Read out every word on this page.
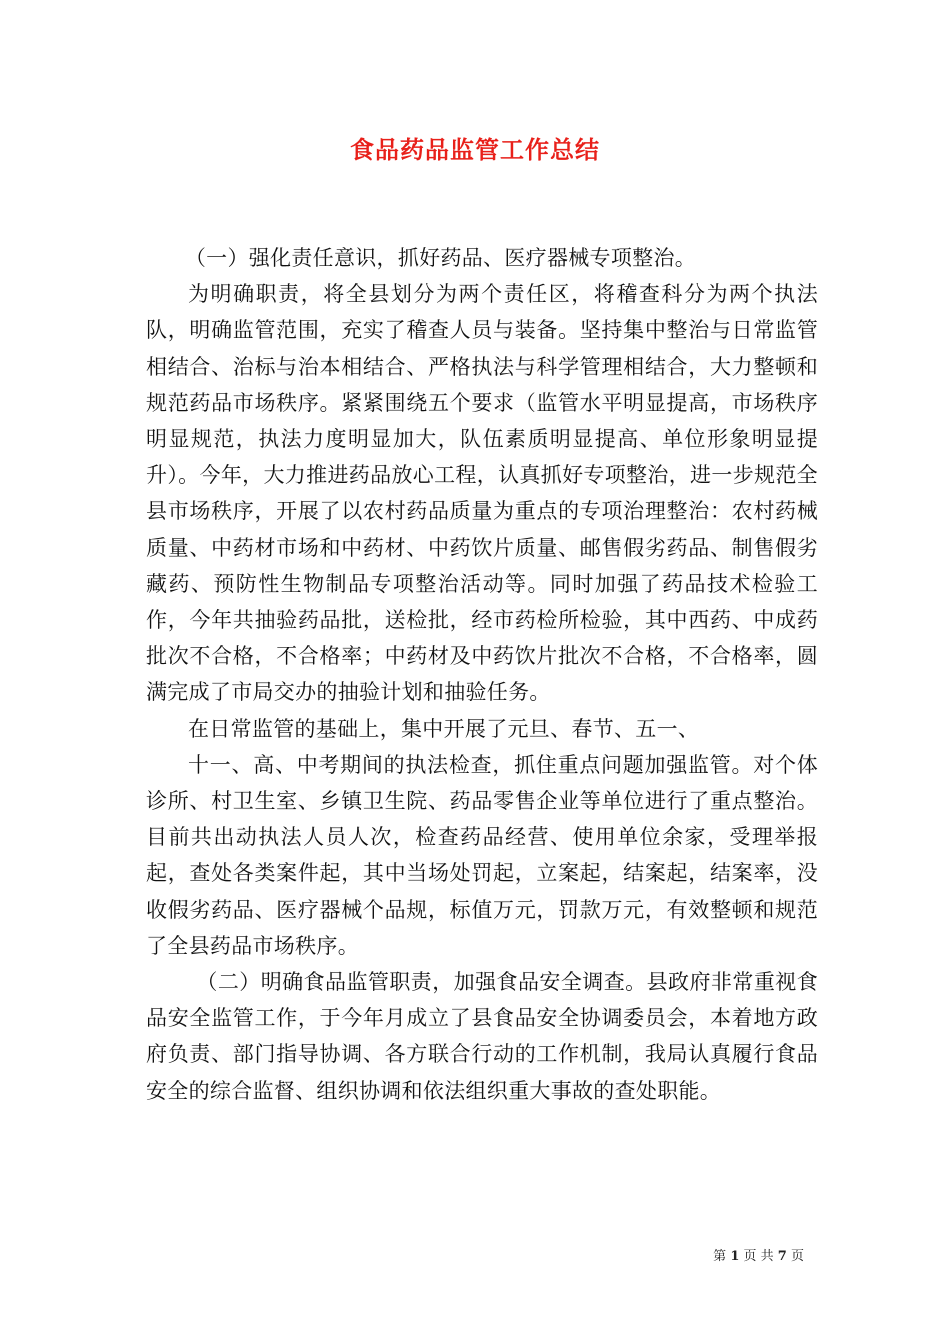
食品药品监管工作总结

（一）强化责任意识，抓好药品、医疗器械专项整治。

为明确职责，将全县划分为两个责任区，将稽查科分为两个执法队，明确监管范围，充实了稽查人员与装备。坚持集中整治与日常监管相结合、治标与治本相结合、严格执法与科学管理相结合，大力整顿和规范药品市场秩序。紧紧围绕五个要求（监管水平明显提高，市场秩序明显规范，执法力度明显加大，队伍素质明显提高、单位形象明显提升）。今年，大力推进药品放心工程，认真抓好专项整治，进一步规范全县市场秩序，开展了以农村药品质量为重点的专项治理整治：农村药械质量、中药材市场和中药材、中药饮片质量、邮售假劣药品、制售假劣藏药、预防性生物制品专项整治活动等。同时加强了药品技术检验工作，今年共抽验药品批，送检批，经市药检所检验，其中西药、中成药批次不合格，不合格率；中药材及中药饮片批次不合格，不合格率，圆满完成了市局交办的抽验计划和抽验任务。

在日常监管的基础上，集中开展了元旦、春节、五一、

十一、高、中考期间的执法检查，抓住重点问题加强监管。对个体诊所、村卫生室、乡镇卫生院、药品零售企业等单位进行了重点整治。目前共出动执法人员人次，检查药品经营、使用单位余家，受理举报起，查处各类案件起，其中当场处罚起，立案起，结案起，结案率，没收假劣药品、医疗器械个品规，标值万元，罚款万元，有效整顿和规范了全县药品市场秩序。

（二）明确食品监管职责，加强食品安全调查。县政府非常重视食品安全监管工作，于今年月成立了县食品安全协调委员会，本着地方政府负责、部门指导协调、各方联合行动的工作机制，我局认真履行食品安全的综合监督、组织协调和依法组织重大事故的查处职能。

第 1 页 共 7 页
